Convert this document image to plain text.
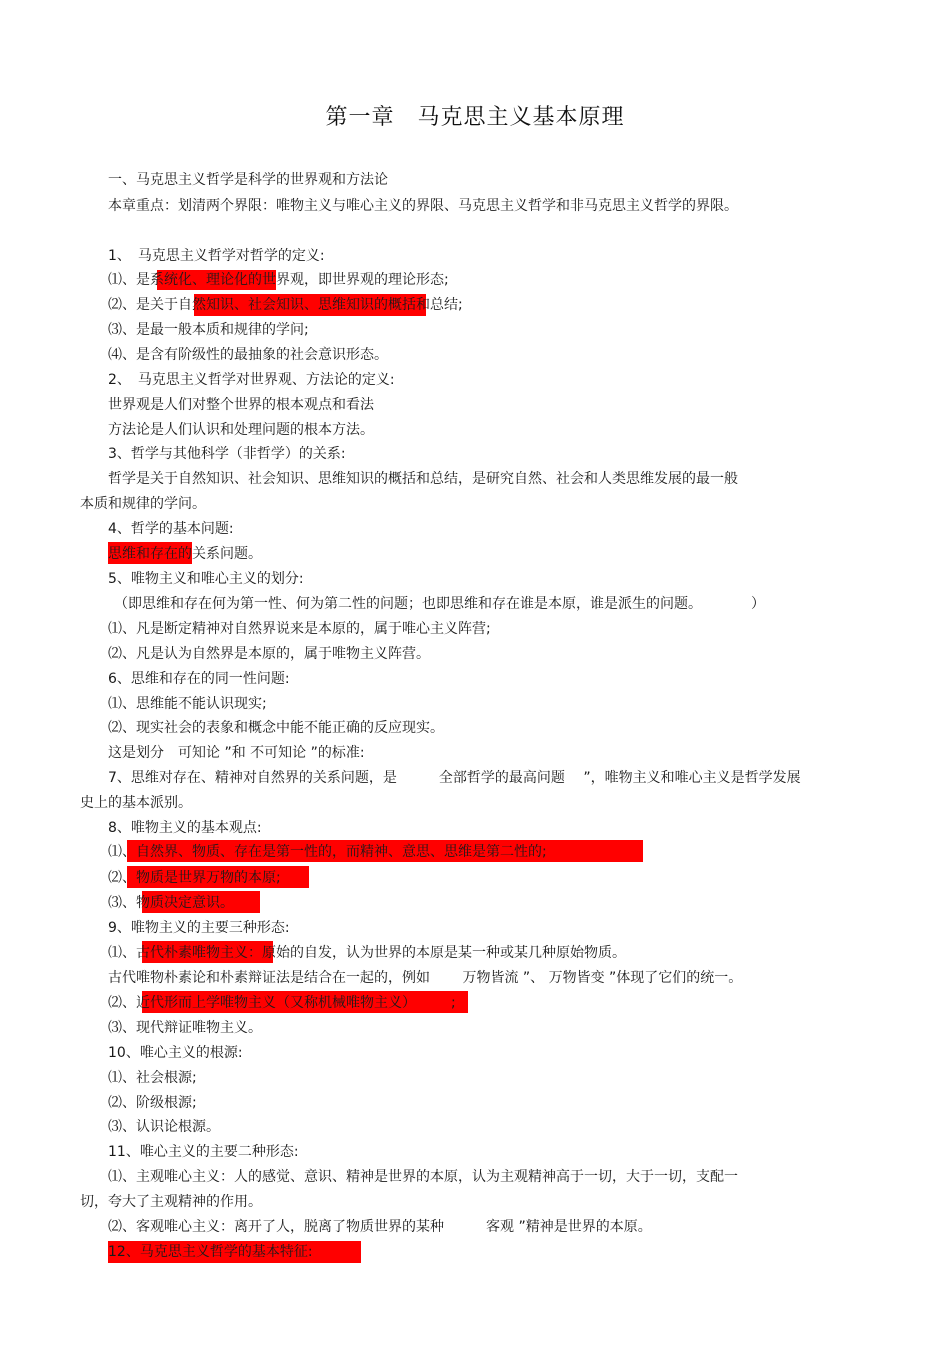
第一章　马克思主义基本原理
一、马克思主义哲学是科学的世界观和方法论
本章重点：划清两个界限：唯物主义与唯心主义的界限、马克思主义哲学和非马克思主义哲学的界限。
1、　马克思主义哲学对哲学的定义:
⑴、是系统化、理论化的世界观，即世界观的理论形态;
⑵、是关于自然知识、社会知识、思维知识的概括和总结;
⑶、是最一般本质和规律的学问;
⑷、是含有阶级性的最抽象的社会意识形态。
2、　马克思主义哲学对世界观、方法论的定义:
世界观是人们对整个世界的根本观点和看法
方法论是人们认识和处理问题的根本方法。
3、哲学与其他科学（非哲学）的关系:
哲学是关于自然知识、社会知识、思维知识的概括和总结，是研究自然、社会和人类思维发展的最一般
本质和规律的学问。
4、哲学的基本问题:
思维和存在的关系问题。
5、唯物主义和唯心主义的划分:
（即思维和存在何为第一性、何为第二性的问题；也即思维和存在谁是本原，谁是派生的问题。　　　　）
⑴、凡是断定精神对自然界说来是本原的，属于唯心主义阵营;
⑵、凡是认为自然界是本原的，属于唯物主义阵营。
6、思维和存在的同一性问题:
⑴、思维能不能认识现实;
⑵、现实社会的表象和概念中能不能正确的反应现实。
这是划分　可知论 ”和 不可知论 ”的标准:
7、思维对存在、精神对自然界的关系问题，是　　　全部哲学的最高问题　 ”，唯物主义和唯心主义是哲学发展
史上的基本派别。
8、唯物主义的基本观点:
⑴、自然界、物质、存在是第一性的，而精神、意思、思维是第二性的;
⑵、物质是世界万物的本原;
⑶、物质决定意识。
9、唯物主义的主要三种形态:
⑴、古代朴素唯物主义：原始的自发，认为世界的本原是某一种或某几种原始物质。
古代唯物朴素论和朴素辩证法是结合在一起的，例如　　 万物皆流 ”、 万物皆变 ”体现了它们的统一。
⑵、近代形而上学唯物主义（又称机械唯物主义）　　　;
⑶、现代辩证唯物主义。
10、唯心主义的根源:
⑴、社会根源;
⑵、阶级根源;
⑶、认识论根源。
11、唯心主义的主要二种形态:
⑴、主观唯心主义：人的感觉、意识、精神是世界的本原，认为主观精神高于一切，大于一切，支配一
切，夸大了主观精神的作用。
⑵、客观唯心主义：离开了人，脱离了物质世界的某种　　　客观 ”精神是世界的本原。
12、马克思主义哲学的基本特征:
